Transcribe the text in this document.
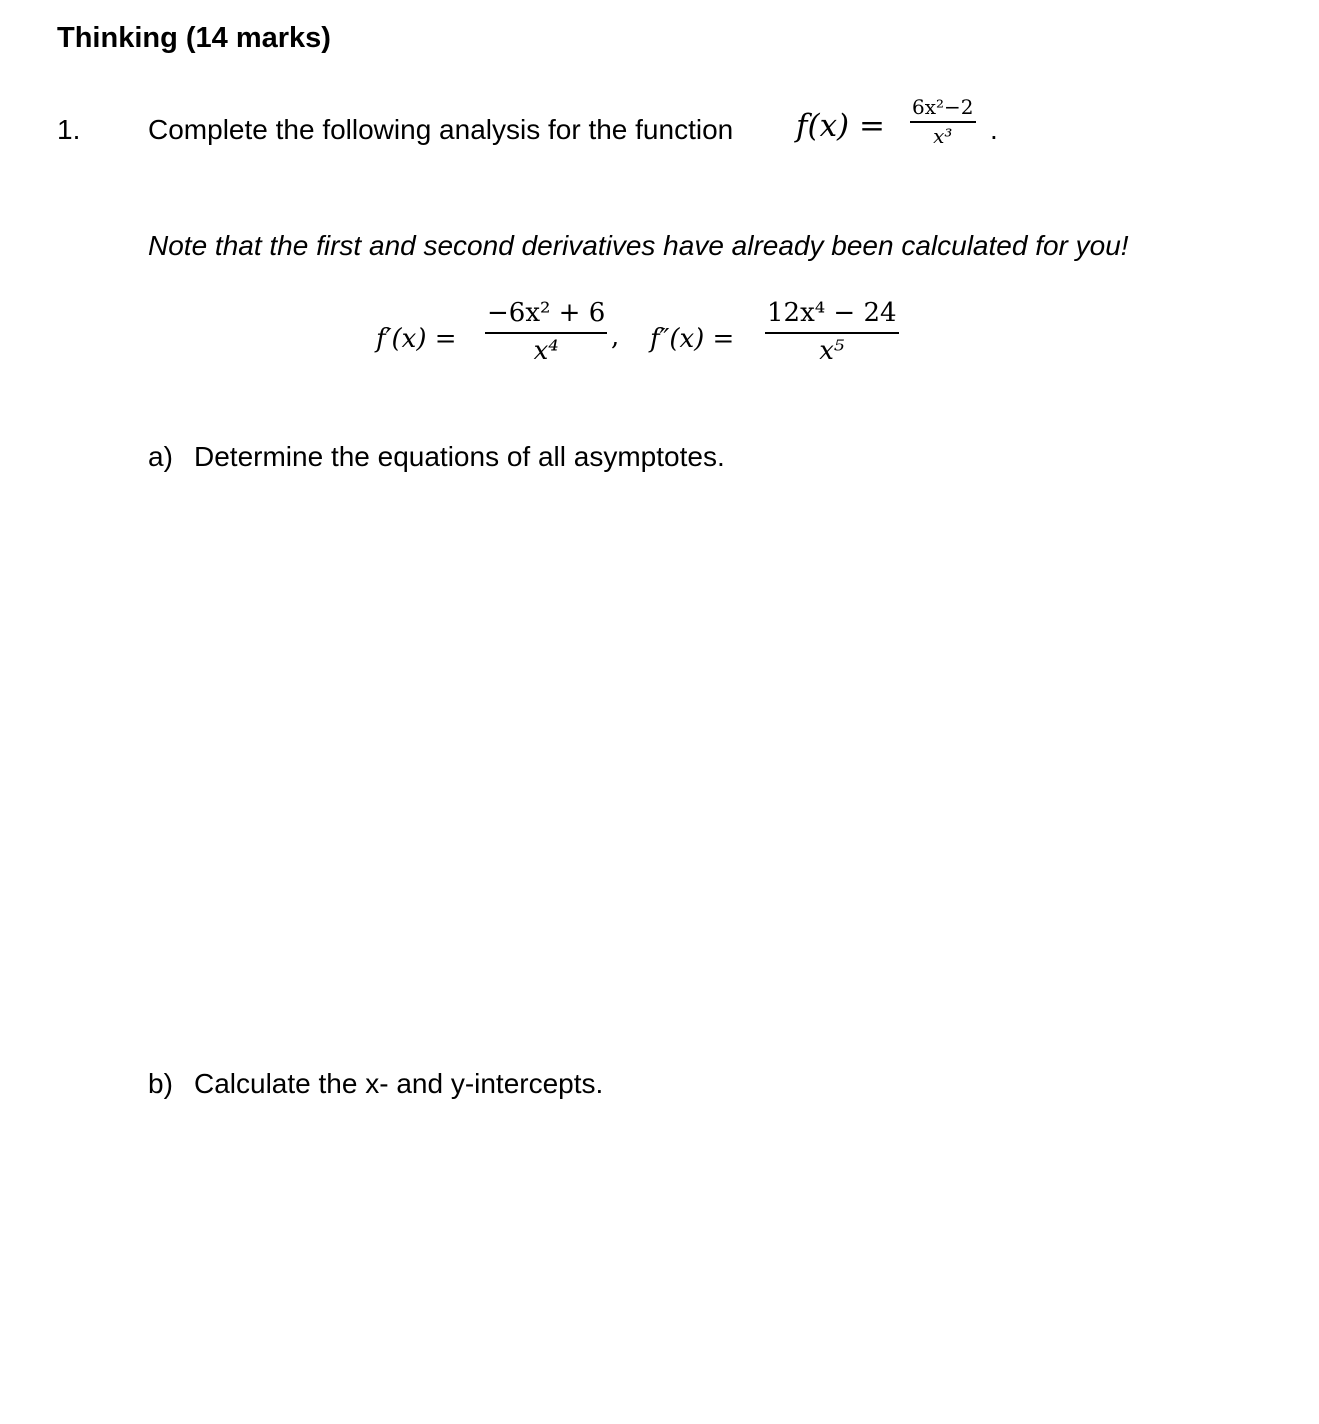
Thinking (14 marks)
1. Complete the following analysis for the function f(x) =
6x²−2
x³ .
Note that the first and second derivatives have already been calculated for you!
f′(x) =
−6x² + 6
x⁴ , f″(x) =
12x⁴ − 24
x⁵
a) Determine the equations of all asymptotes.
b) Calculate the x- and y-intercepts.
